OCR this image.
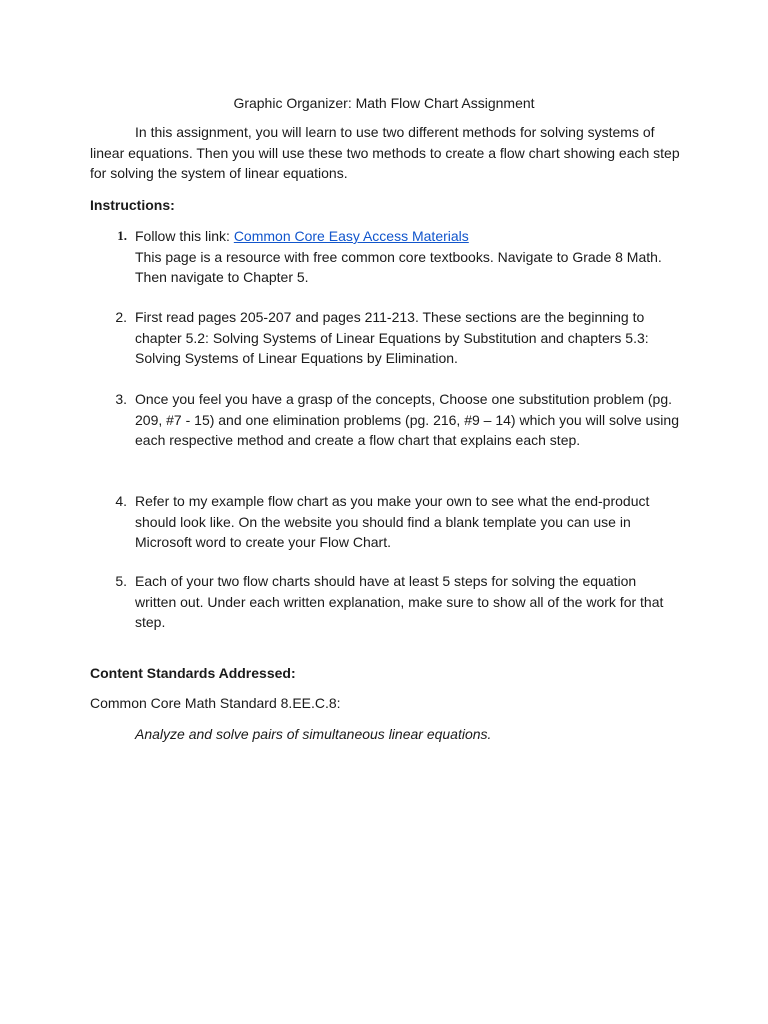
Graphic Organizer: Math Flow Chart Assignment

In this assignment, you will learn to use two different methods for solving systems of linear equations. Then you will use these two methods to create a flow chart showing each step for solving the system of linear equations.

Instructions:
1. Follow this link: Common Core Easy Access Materials
This page is a resource with free common core textbooks. Navigate to Grade 8 Math. Then navigate to Chapter 5.
2. First read pages 205-207 and pages 211-213. These sections are the beginning to chapter 5.2: Solving Systems of Linear Equations by Substitution and chapters 5.3: Solving Systems of Linear Equations by Elimination.
3. Once you feel you have a grasp of the concepts, Choose one substitution problem (pg. 209, #7 - 15) and one elimination problems (pg. 216, #9 – 14) which you will solve using each respective method and create a flow chart that explains each step.
4. Refer to my example flow chart as you make your own to see what the end-product should look like. On the website you should find a blank template you can use in Microsoft word to create your Flow Chart.
5. Each of your two flow charts should have at least 5 steps for solving the equation written out. Under each written explanation, make sure to show all of the work for that step.
Content Standards Addressed:
Common Core Math Standard 8.EE.C.8:
Analyze and solve pairs of simultaneous linear equations.
